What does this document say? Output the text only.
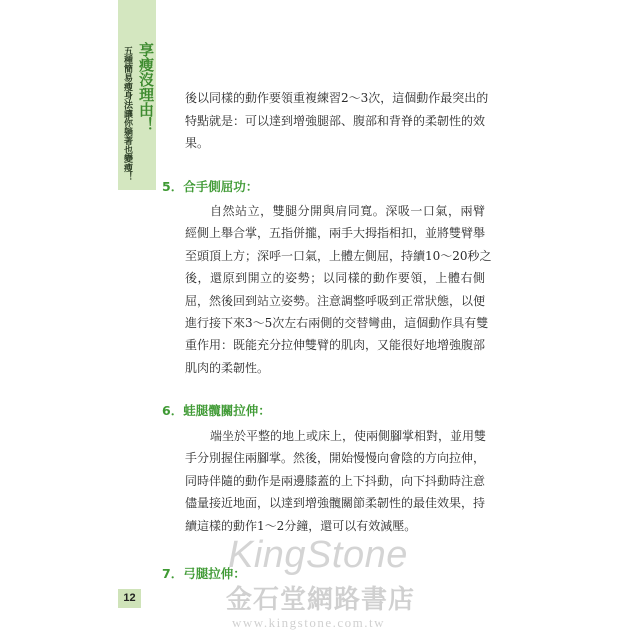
享瘦沒理由！
五種簡易瘦身法讓你躺著也變瘦！
KingStone
金石堂網路書店
www.kingstone.com.tw
後以同樣的動作要領重複練習2～3次，這個動作最突出的
特點就是：可以達到增強腿部、腹部和背脊的柔韌性的效
果。
5．合手側屈功：
自然站立，雙腿分開與肩同寬。深吸一口氣，兩臂
經側上舉合掌，五指併攏，兩手大拇指相扣，並將雙臂舉
至頭頂上方；深呼一口氣，上體左側屈，持續10～20秒之
後，還原到開立的姿勢；以同樣的動作要領，上體右側
屈，然後回到站立姿勢。注意調整呼吸到正常狀態，以便
進行接下來3～5次左右兩側的交替彎曲，這個動作具有雙
重作用：既能充分拉伸雙臂的肌肉，又能很好地增強腹部
肌肉的柔韌性。
6．蛙腿髖關拉伸：
端坐於平整的地上或床上，使兩側腳掌相對，並用雙
手分別握住兩腳掌。然後，開始慢慢向會陰的方向拉伸，
同時伴隨的動作是兩邊膝蓋的上下抖動，向下抖動時注意
儘量接近地面，以達到增強髖關節柔韌性的最佳效果，持
續這樣的動作1～2分鐘，還可以有效減壓。
7．弓腿拉伸：
12
